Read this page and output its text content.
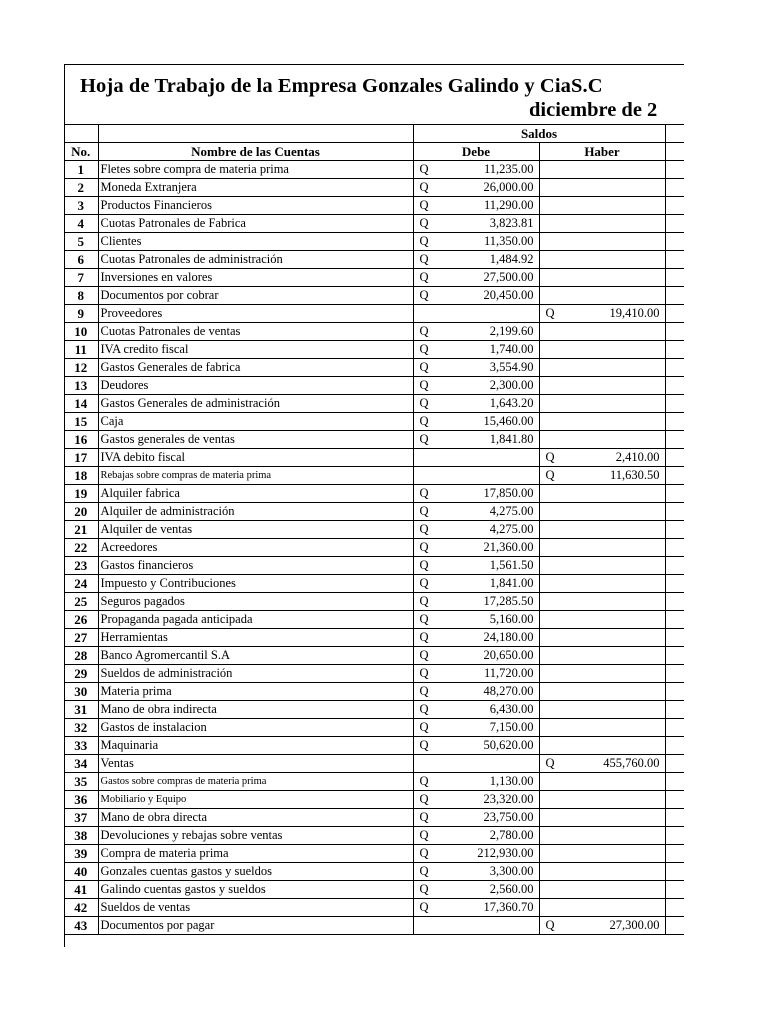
Hoja de Trabajo de la Empresa Gonzales Galindo y CiaS.C
diciembre de 2
		Saldos		
No.	Nombre de las Cuentas	Debe	Haber	
1	Fletes sobre compra de materia prima	Q 11,235.00		

2	Moneda Extranjera	Q 26,000.00		

3	Productos Financieros	Q 11,290.00		

4	Cuotas Patronales de Fabrica	Q 3,823.81		

5	Clientes	Q 11,350.00		

6	Cuotas Patronales de administración	Q 1,484.92		

7	Inversiones en valores	Q 27,500.00		

8	Documentos por cobrar	Q 20,450.00		

9	Proveedores		Q 19,410.00	

10	Cuotas Patronales de ventas	Q 2,199.60		

11	IVA credito fiscal	Q 1,740.00		

12	Gastos Generales de fabrica	Q 3,554.90		

13	Deudores	Q 2,300.00		

14	Gastos Generales de administración	Q 1,643.20		

15	Caja	Q 15,460.00		

16	Gastos generales de ventas	Q 1,841.80		

17	IVA debito fiscal		Q 2,410.00	

18	Rebajas sobre compras de materia prima		Q 11,630.50	

19	Alquiler fabrica	Q 17,850.00		

20	Alquiler de administración	Q 4,275.00		

21	Alquiler de ventas	Q 4,275.00		

22	Acreedores	Q 21,360.00		

23	Gastos financieros	Q 1,561.50		

24	Impuesto y Contribuciones	Q 1,841.00		

25	Seguros pagados	Q 17,285.50		

26	Propaganda pagada anticipada	Q 5,160.00		

27	Herramientas	Q 24,180.00		

28	Banco Agromercantil S.A	Q 20,650.00		

29	Sueldos de administración	Q 11,720.00		

30	Materia prima	Q 48,270.00		

31	Mano de obra indirecta	Q 6,430.00		

32	Gastos de instalacion	Q 7,150.00		

33	Maquinaria	Q 50,620.00		

34	Ventas		Q 455,760.00	

35	Gastos sobre compras de materia prima	Q 1,130.00		

36	Mobiliario y Equipo	Q 23,320.00		

37	Mano de obra directa	Q 23,750.00		

38	Devoluciones y rebajas sobre ventas	Q 2,780.00		

39	Compra de materia prima	Q 212,930.00		

40	Gonzales cuentas gastos y sueldos	Q 3,300.00		

41	Galindo cuentas gastos y sueldos	Q 2,560.00		

42	Sueldos de ventas	Q 17,360.70		

43	Documentos por pagar		Q 27,300.00	
